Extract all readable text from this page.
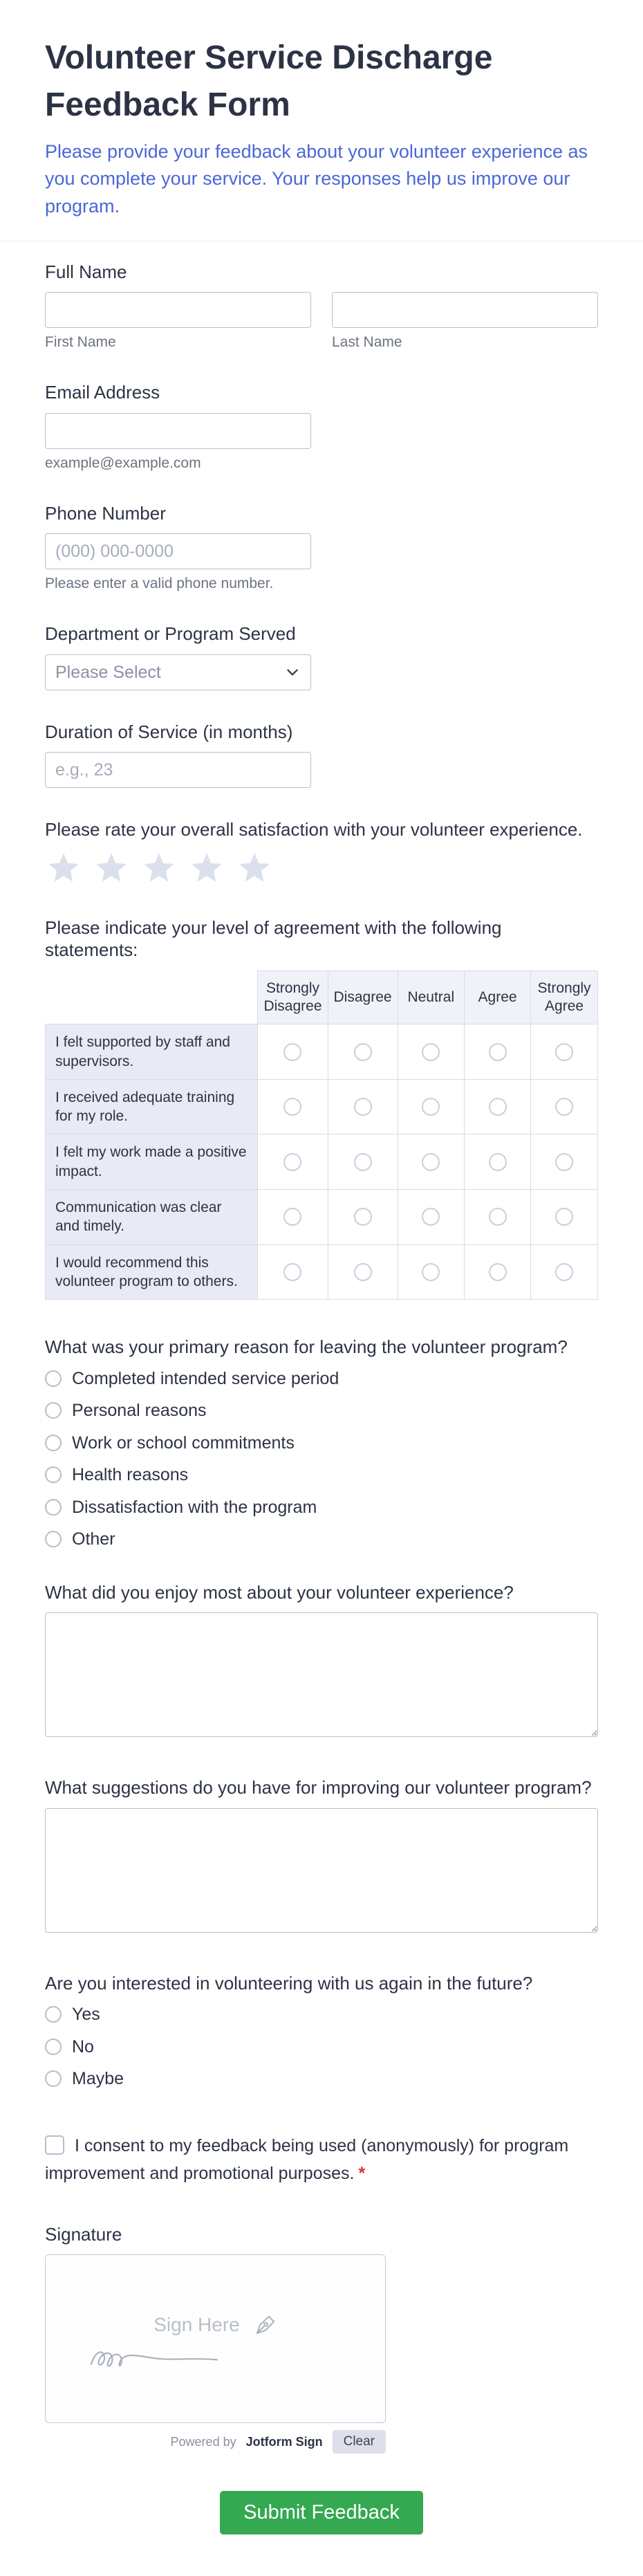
Volunteer Service Discharge Feedback Form

Please provide your feedback about your volunteer experience as you complete your service. Your responses help us improve our program.

Full Name
First Name	Last Name
Email Address
example@example.com
Phone Number
(000) 000-0000
Please enter a valid phone number.
Department or Program Served
Please Select
Duration of Service (in months)
e.g., 23
Please rate your overall satisfaction with your volunteer experience.
Please indicate your level of agreement with the following statements:
	Strongly Disagree	Disagree	Neutral	Agree	Strongly Agree
I felt supported by staff and supervisors.					
I received adequate training for my role.					
I felt my work made a positive impact.					
Communication was clear and timely.					
I would recommend this volunteer program to others.					
What was your primary reason for leaving the volunteer program?
Completed intended service period
Personal reasons
Work or school commitments
Health reasons
Dissatisfaction with the program
Other
What did you enjoy most about your volunteer experience?
What suggestions do you have for improving our volunteer program?
Are you interested in volunteering with us again in the future?
Yes
No
Maybe
I consent to my feedback being used (anonymously) for program improvement and promotional purposes. *
Signature
Sign Here
Powered by Jotform Sign	Clear
Submit Feedback
